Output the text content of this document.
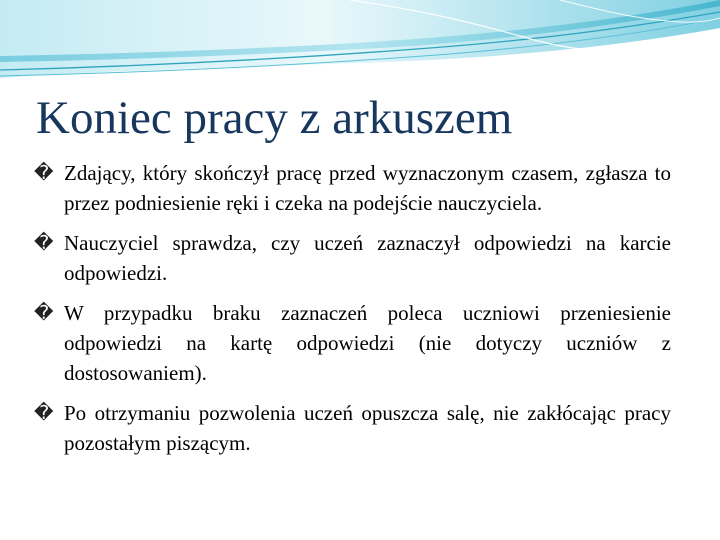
Koniec pracy z arkuszem
� Zdający, który skończył pracę przed wyznaczonym czasem, zgłasza to przez podniesienie ręki i czeka na podejście nauczyciela.
� Nauczyciel sprawdza, czy uczeń zaznaczył odpowiedzi na karcie odpowiedzi.
� W przypadku braku zaznaczeń poleca uczniowi przeniesienie odpowiedzi na kartę odpowiedzi (nie dotyczy uczniów z dostosowaniem).
� Po otrzymaniu pozwolenia uczeń opuszcza salę, nie zakłócając pracy pozostałym piszącym.
